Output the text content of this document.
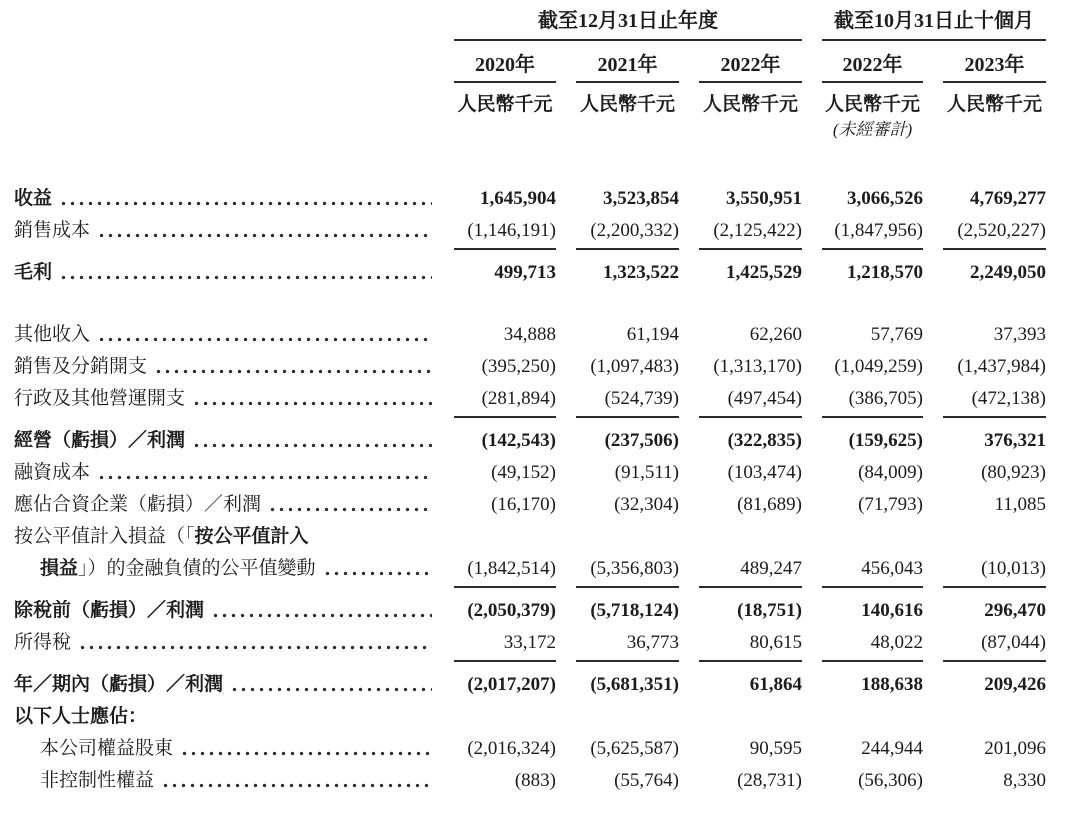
截至12月31日止年度	截至10月31日止十個月
2020年	2021年	2022年	2022年	2023年
人民幣千元 人民幣千元 人民幣千元 人民幣千元 人民幣千元
(未經審計)
收益	1,645,904	3,523,854	3,550,951	3,066,526	4,769,277
銷售成本	(1,146,191)	(2,200,332)	(2,125,422)	(1,847,956)	(2,520,227)
毛利	499,713	1,323,522	1,425,529	1,218,570	2,249,050
其他收入	34,888	61,194	62,260	57,769	37,393
銷售及分銷開支	(395,250)	(1,097,483)	(1,313,170)	(1,049,259)	(1,437,984)
行政及其他營運開支	(281,894)	(524,739)	(497,454)	(386,705)	(472,138)
經營（虧損）／利潤	(142,543)	(237,506)	(322,835)	(159,625)	376,321
融資成本	(49,152)	(91,511)	(103,474)	(84,009)	(80,923)
應佔合資企業（虧損）／利潤	(16,170)	(32,304)	(81,689)	(71,793)	11,085
按公平值計入損益（「按公平值計入
損益」）的金融負債的公平值變動	(1,842,514)	(5,356,803)	489,247	456,043	(10,013)
除稅前（虧損）／利潤	(2,050,379)	(5,718,124)	(18,751)	140,616	296,470
所得稅	33,172	36,773	80,615	48,022	(87,044)
年／期內（虧損）／利潤	(2,017,207)	(5,681,351)	61,864	188,638	209,426
以下人士應佔：
本公司權益股東	(2,016,324)	(5,625,587)	90,595	244,944	201,096
非控制性權益	(883)	(55,764)	(28,731)	(56,306)	8,330
